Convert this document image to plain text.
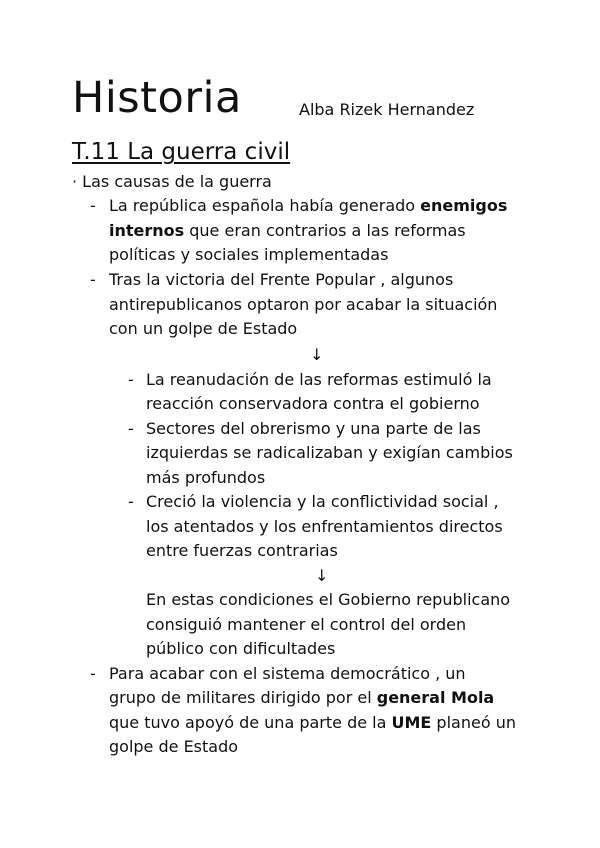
Historia	Alba Rizek Hernandez
T.11 La guerra civil
· Las causas de la guerra
- La república española había generado enemigos
internos que eran contrarios a las reformas
políticas y sociales implementadas
- Tras la victoria del Frente Popular , algunos
antirepublicanos optaron por acabar la situación
con un golpe de Estado
↓
- La reanudación de las reformas estimuló la
reacción conservadora contra el gobierno
- Sectores del obrerismo y una parte de las
izquierdas se radicalizaban y exigían cambios
más profundos
- Creció la violencia y la conflictividad social ,
los atentados y los enfrentamientos directos
entre fuerzas contrarias
↓
En estas condiciones el Gobierno republicano
consiguió mantener el control del orden
público con dificultades
- Para acabar con el sistema democrático , un
grupo de militares dirigido por el general Mola
que tuvo apoyó de una parte de la UME planeó un
golpe de Estado
